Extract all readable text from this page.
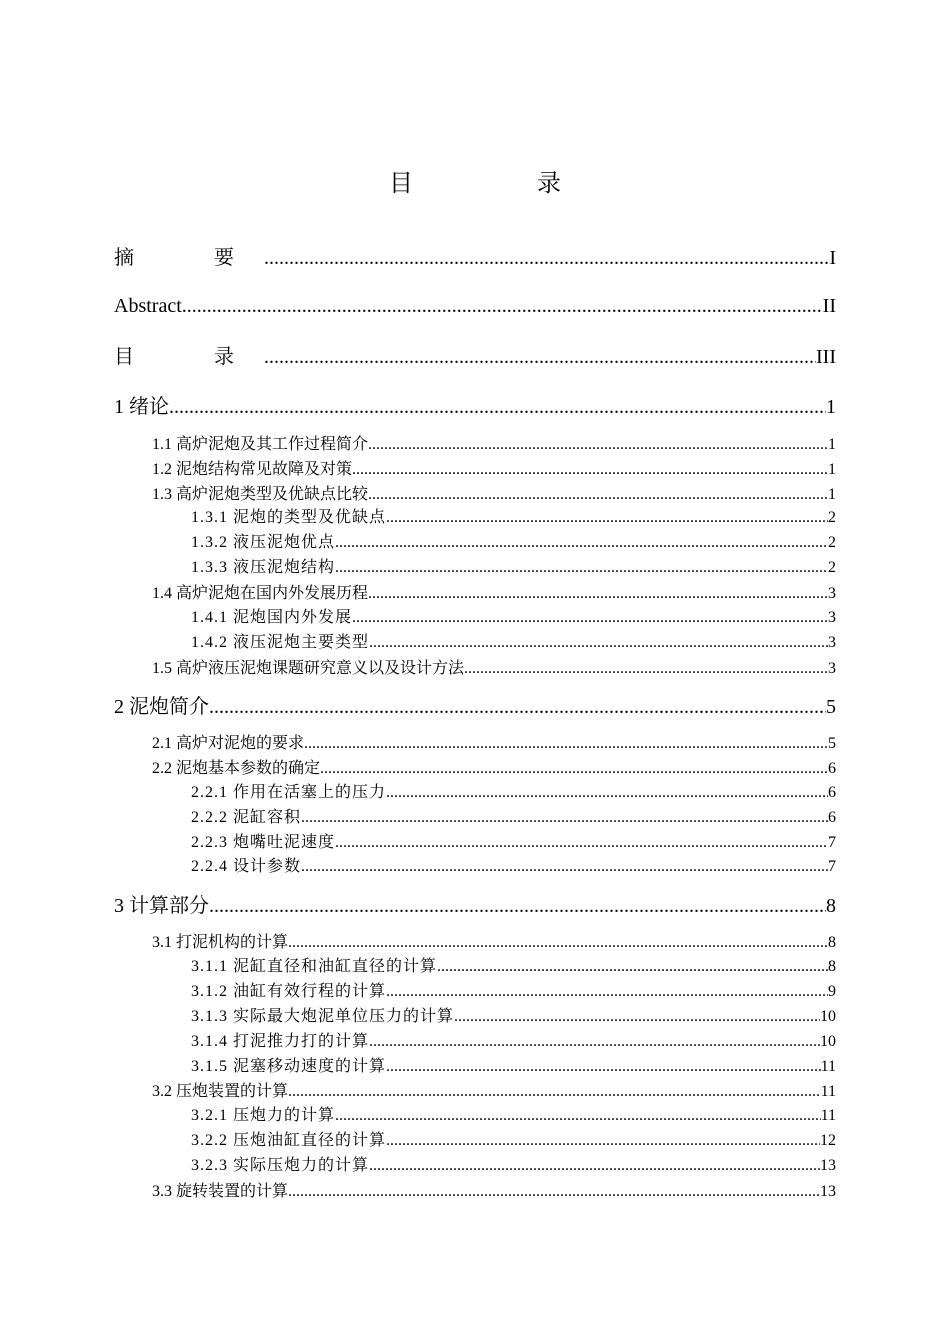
目　录
摘　要 .....	I
Abstract .....	II
目　录 .....	III
1 绪论 .....	1
1.1 高炉泥炮及其工作过程简介 .....	1
1.2 泥炮结构常见故障及对策 .....	1
1.3 高炉泥炮类型及优缺点比较 .....	1
1.3.1 泥炮的类型及优缺点 .....	2
1.3.2 液压泥炮优点 .....	2
1.3.3 液压泥炮结构 .....	2
1.4 高炉泥炮在国内外发展历程 .....	3
1.4.1 泥炮国内外发展 .....	3
1.4.2 液压泥炮主要类型 .....	3
1.5 高炉液压泥炮课题研究意义以及设计方法 .....	3
2 泥炮简介 .....	5
2.1 高炉对泥炮的要求 .....	5
2.2 泥炮基本参数的确定 .....	6
2.2.1 作用在活塞上的压力 .....	6
2.2.2 泥缸容积 .....	6
2.2.3 炮嘴吐泥速度 .....	7
2.2.4 设计参数 .....	7
3 计算部分 .....	8
3.1 打泥机构的计算 .....	8
3.1.1 泥缸直径和油缸直径的计算 .....	8
3.1.2 油缸有效行程的计算 .....	9
3.1.3 实际最大炮泥单位压力的计算 .....	10
3.1.4 打泥推力打的计算 .....	10
3.1.5 泥塞移动速度的计算 .....	11
3.2 压炮装置的计算 .....	11
3.2.1 压炮力的计算 .....	11
3.2.2 压炮油缸直径的计算 .....	12
3.2.3 实际压炮力的计算 .....	13
3.3 旋转装置的计算 .....	13
